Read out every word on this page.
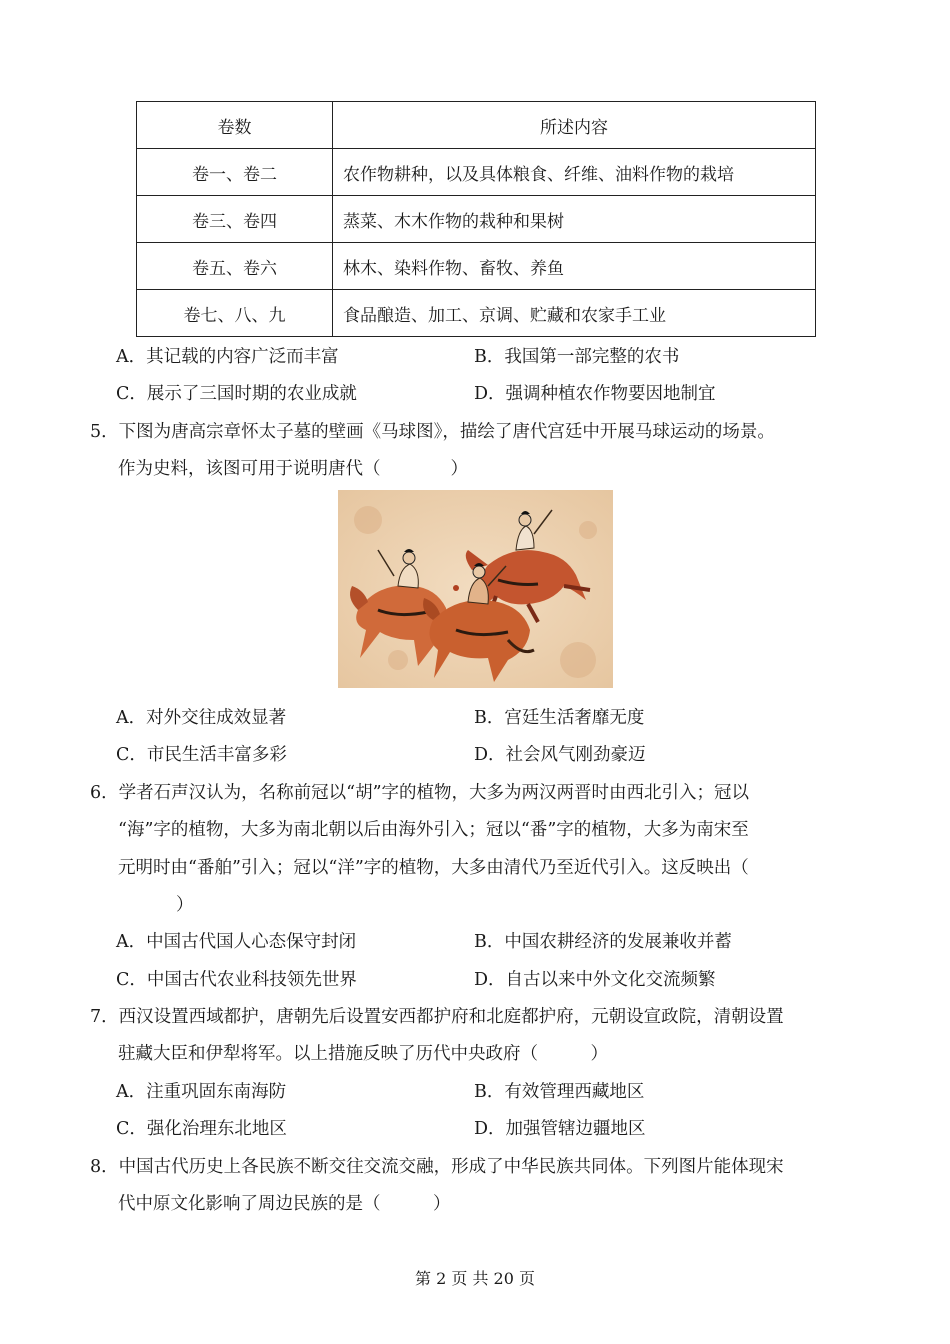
卷数	所述内容
卷一、卷二	农作物耕种，以及具体粮食、纤维、油料作物的栽培
卷三、卷四	蒸菜、木木作物的栽种和果树
卷五、卷六	林木、染料作物、畜牧、养鱼
卷七、八、九	食品酿造、加工、京调、贮藏和农家手工业
A．其记载的内容广泛而丰富	B．我国第一部完整的农书
C．展示了三国时期的农业成就	D．强调种植农作物要因地制宜
5．下图为唐高宗章怀太子墓的壁画《马球图》，描绘了唐代宫廷中开展马球运动的场景。
作为史料，该图可用于说明唐代（　　　　）
A．对外交往成效显著	B．宫廷生活奢靡无度
C．市民生活丰富多彩	D．社会风气刚劲豪迈
6．学者石声汉认为，名称前冠以“胡”字的植物，大多为两汉两晋时由西北引入；冠以
“海”字的植物，大多为南北朝以后由海外引入；冠以“番”字的植物，大多为南宋至
元明时由“番舶”引入；冠以“洋”字的植物，大多由清代乃至近代引入。这反映出（
）
A．中国古代国人心态保守封闭	B．中国农耕经济的发展兼收并蓄
C．中国古代农业科技领先世界	D．自古以来中外文化交流频繁
7．西汉设置西域都护，唐朝先后设置安西都护府和北庭都护府，元朝设宣政院，清朝设置
驻藏大臣和伊犁将军。以上措施反映了历代中央政府（　　　）
A．注重巩固东南海防	B．有效管理西藏地区
C．强化治理东北地区	D．加强管辖边疆地区
8．中国古代历史上各民族不断交往交流交融，形成了中华民族共同体。下列图片能体现宋
代中原文化影响了周边民族的是（　　　）
第 2 页 共 20 页
